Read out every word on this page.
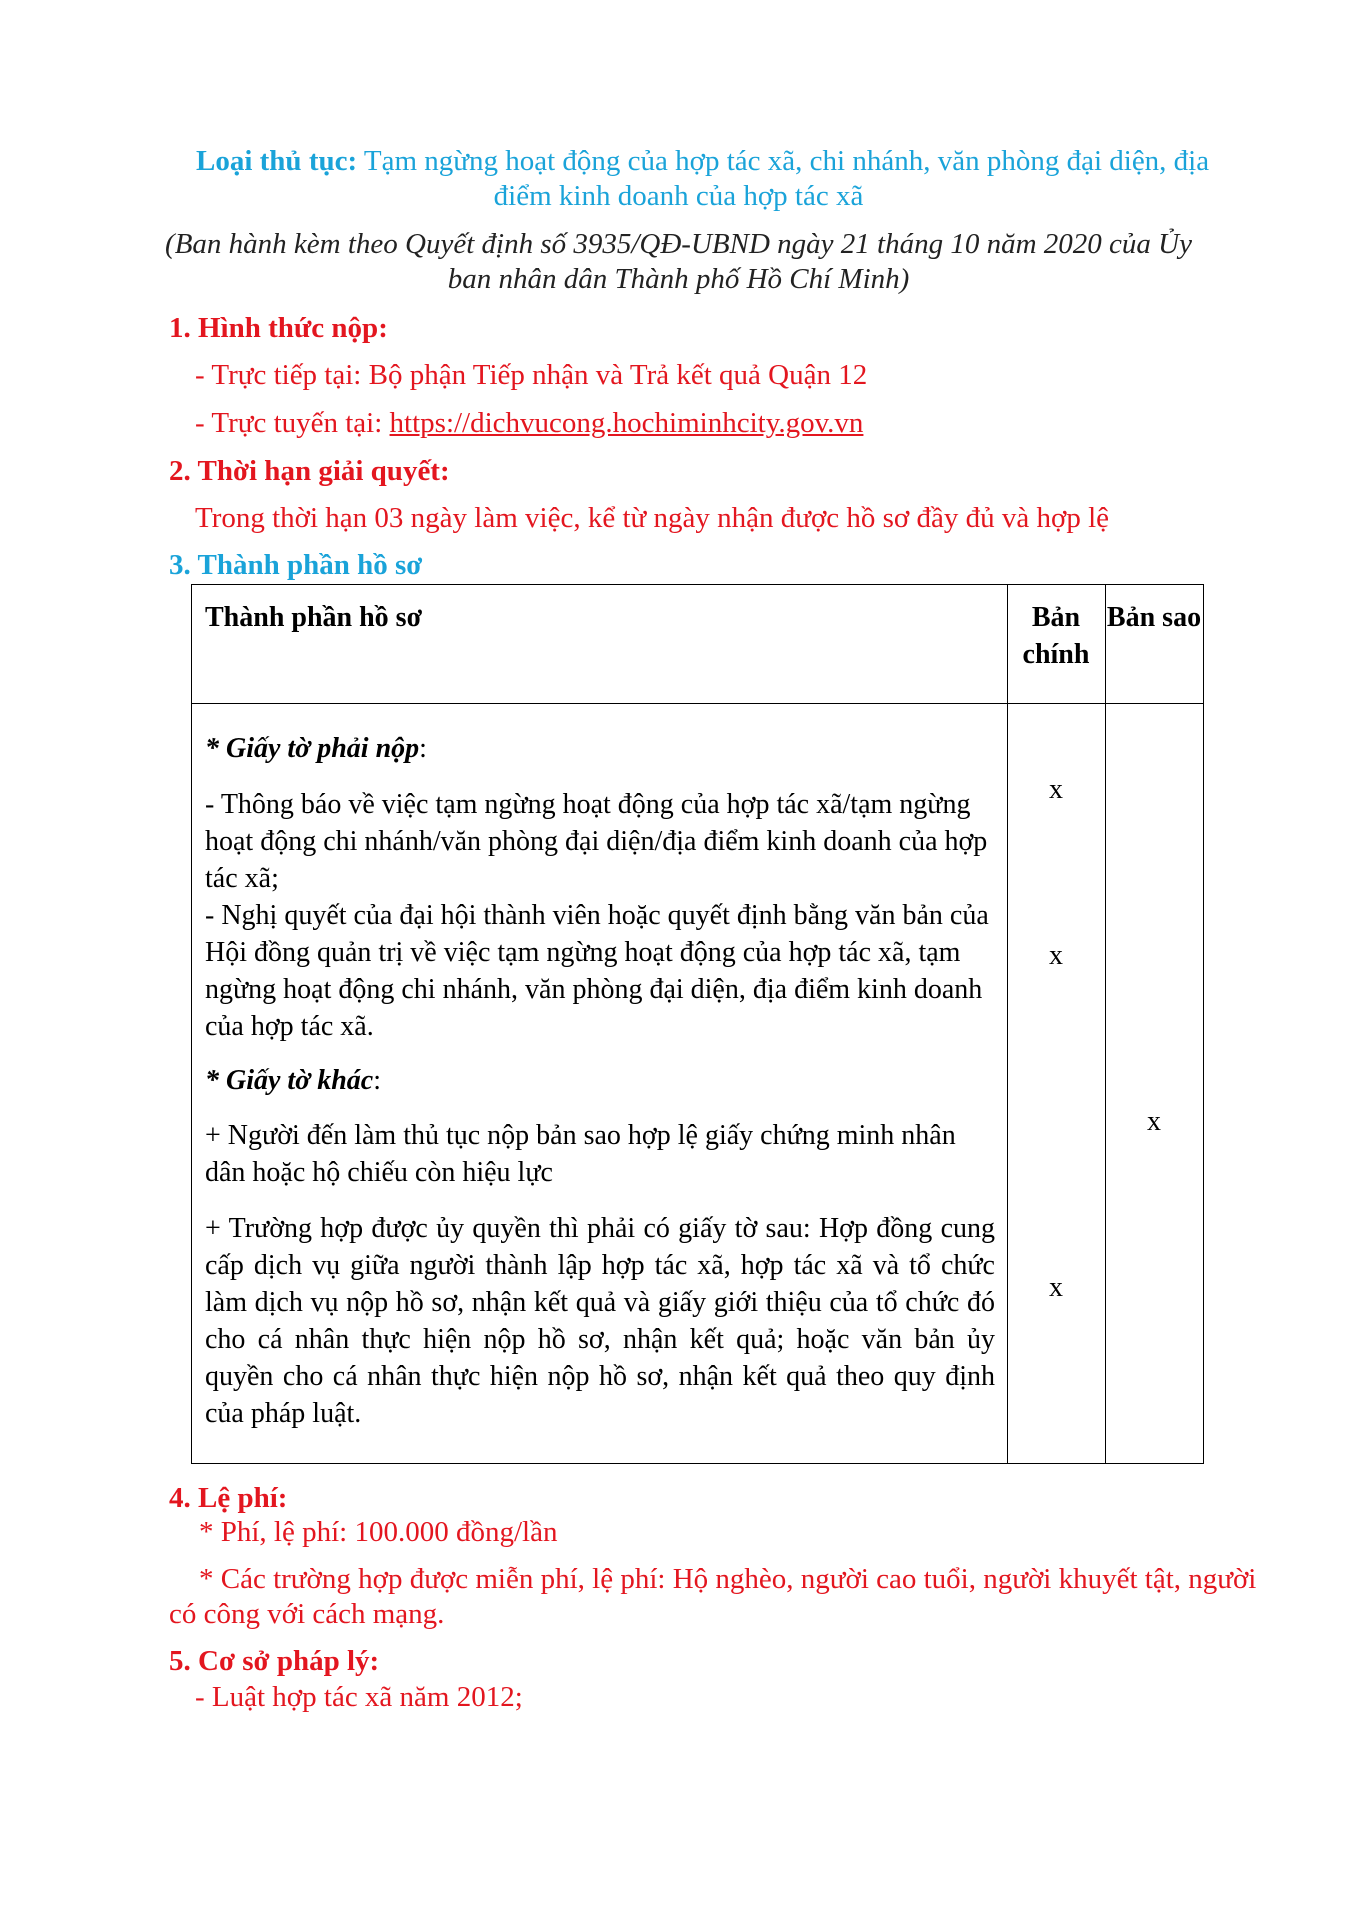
Loại thủ tục: Tạm ngừng hoạt động của hợp tác xã, chi nhánh, văn phòng đại diện, địa
điểm kinh doanh của hợp tác xã
(Ban hành kèm theo Quyết định số 3935/QĐ-UBND ngày 21 tháng 10 năm 2020 của Ủy
ban nhân dân Thành phố Hồ Chí Minh)
1. Hình thức nộp:
- Trực tiếp tại: Bộ phận Tiếp nhận và Trả kết quả Quận 12
- Trực tuyến tại: https://dichvucong.hochiminhcity.gov.vn
2. Thời hạn giải quyết:
Trong thời hạn 03 ngày làm việc, kể từ ngày nhận được hồ sơ đầy đủ và hợp lệ
3. Thành phần hồ sơ
Thành phần hồ sơ	Bản chính
Bản sao
* Giấy tờ phải nộp:
- Thông báo về việc tạm ngừng hoạt động của hợp tác xã/tạm ngừng hoạt động chi nhánh/văn phòng đại diện/địa điểm kinh doanh của hợp tác xã;
- Nghị quyết của đại hội thành viên hoặc quyết định bằng văn bản của Hội đồng quản trị về việc tạm ngừng hoạt động của hợp tác xã, tạm ngừng hoạt động chi nhánh, văn phòng đại diện, địa điểm kinh doanh của hợp tác xã.
* Giấy tờ khác:
+ Người đến làm thủ tục nộp bản sao hợp lệ giấy chứng minh nhân dân hoặc hộ chiếu còn hiệu lực
+ Trường hợp được ủy quyền thì phải có giấy tờ sau: Hợp đồng cung cấp dịch vụ giữa người thành lập hợp tác xã, hợp tác xã và tổ chức làm dịch vụ nộp hồ sơ, nhận kết quả và giấy giới thiệu của tổ chức đó cho cá nhân thực hiện nộp hồ sơ, nhận kết quả; hoặc văn bản ủy quyền cho cá nhân thực hiện nộp hồ sơ, nhận kết quả theo quy định của pháp luật.
x
x
x
x
4. Lệ phí:
* Phí, lệ phí: 100.000 đồng/lần
* Các trường hợp được miễn phí, lệ phí: Hộ nghèo, người cao tuổi, người khuyết tật, người
có công với cách mạng.
5. Cơ sở pháp lý:
- Luật hợp tác xã năm 2012;
